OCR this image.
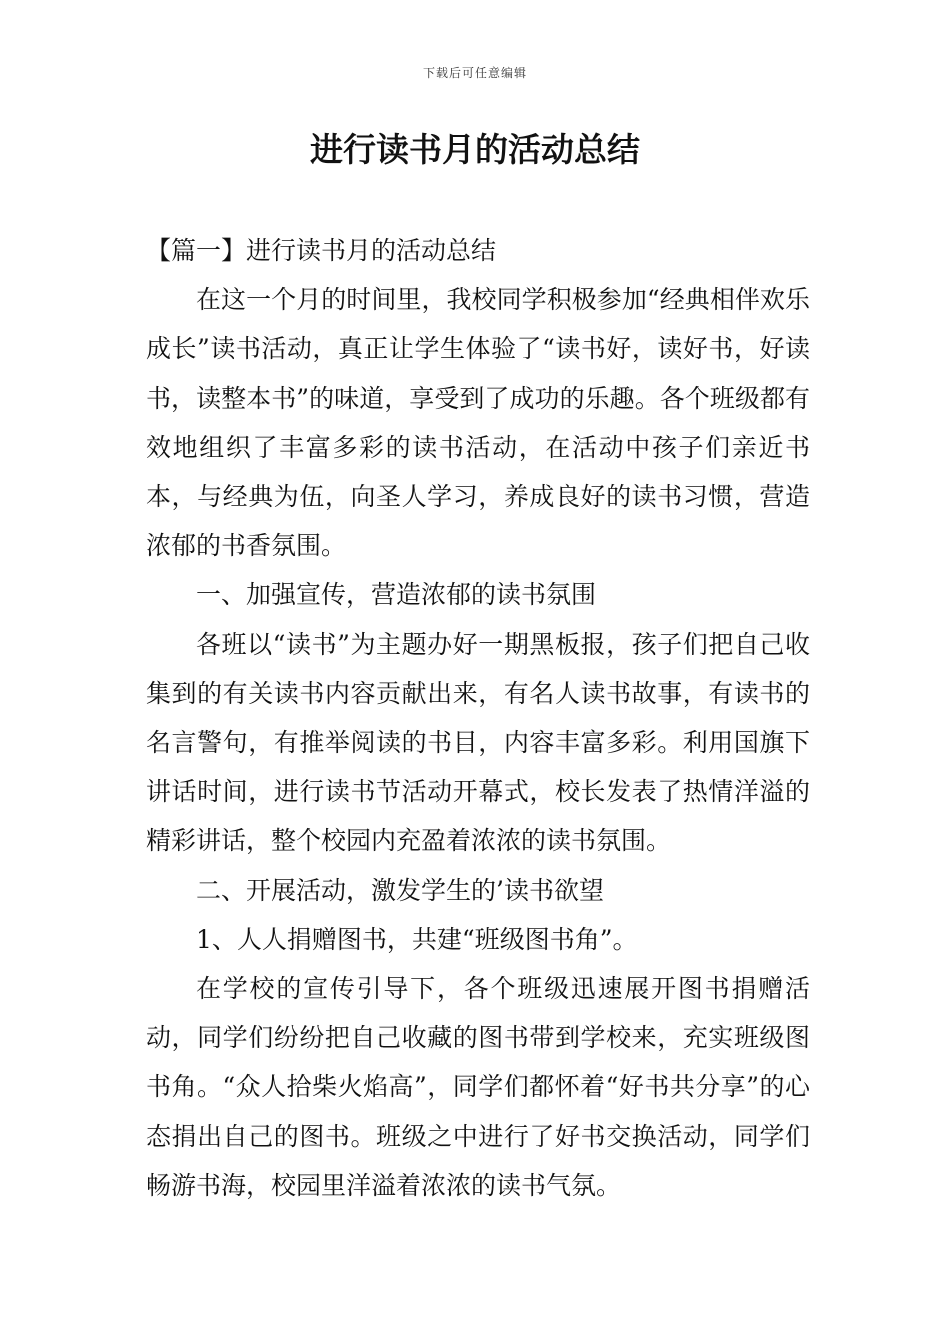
下载后可任意编辑
进行读书月的活动总结

【篇一】进行读书月的活动总结

在这一个月的时间里，我校同学积极参加“经典相伴欢乐成长”读书活动，真正让学生体验了“读书好，读好书，好读书，读整本书”的味道，享受到了成功的乐趣。各个班级都有效地组织了丰富多彩的读书活动，在活动中孩子们亲近书本，与经典为伍，向圣人学习，养成良好的读书习惯，营造浓郁的书香氛围。

一、加强宣传，营造浓郁的读书氛围

各班以“读书”为主题办好一期黑板报，孩子们把自己收集到的有关读书内容贡献出来，有名人读书故事，有读书的名言警句，有推举阅读的书目，内容丰富多彩。利用国旗下讲话时间，进行读书节活动开幕式，校长发表了热情洋溢的精彩讲话，整个校园内充盈着浓浓的读书氛围。

二、开展活动，激发学生的’读书欲望

1、人人捐赠图书，共建“班级图书角”。

在学校的宣传引导下，各个班级迅速展开图书捐赠活动，同学们纷纷把自己收藏的图书带到学校来，充实班级图书角。“众人拾柴火焰高”，同学们都怀着“好书共分享”的心态捐出自己的图书。班级之中进行了好书交换活动，同学们畅游书海，校园里洋溢着浓浓的读书气氛。
